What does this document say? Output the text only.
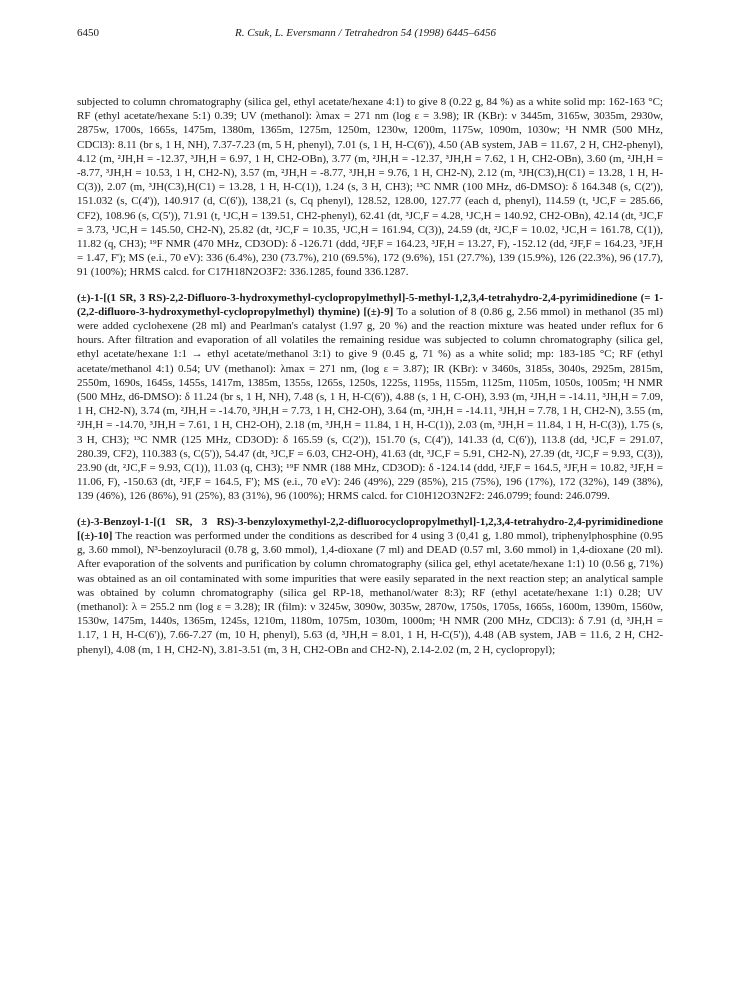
6450	R. Csuk, L. Eversmann / Tetrahedron 54 (1998) 6445–6456

subjected to column chromatography (silica gel, ethyl acetate/hexane 4:1) to give 8 (0.22 g, 84 %) as a white solid mp: 162-163 °C; RF (ethyl acetate/hexane 5:1) 0.39; UV (methanol): λmax = 271 nm (log ε = 3.98); IR (KBr): ν 3445m, 3165w, 3035m, 2930w, 2875w, 1700s, 1665s, 1475m, 1380m, 1365m, 1275m, 1250m, 1230w, 1200m, 1175w, 1090m, 1030w; ¹H NMR (500 MHz, CDCl3): 8.11 (br s, 1 H, NH), 7.37-7.23 (m, 5 H, phenyl), 7.01 (s, 1 H, H-C(6')), 4.50 (AB system, JAB = 11.67, 2 H, CH2-phenyl), 4.12 (m, ²JH,H = -12.37, ³JH,H = 6.97, 1 H, CH2-OBn), 3.77 (m, ²JH,H = -12.37, ³JH,H = 7.62, 1 H, CH2-OBn), 3.60 (m, ²JH,H = -8.77, ³JH,H = 10.53, 1 H, CH2-N), 3.57 (m, ²JH,H = -8.77, ³JH,H = 9.76, 1 H, CH2-N), 2.12 (m, ³JH(C3),H(C1) = 13.28, 1 H, H-C(3)), 2.07 (m, ³JH(C3),H(C1) = 13.28, 1 H, H-C(1)), 1.24 (s, 3 H, CH3); ¹³C NMR (100 MHz, d6-DMSO): δ 164.348 (s, C(2')), 151.032 (s, C(4')), 140.917 (d, C(6')), 138,21 (s, Cq phenyl), 128.52, 128.00, 127.77 (each d, phenyl), 114.59 (t, ¹JC,F = 285.66, CF2), 108.96 (s, C(5')), 71.91 (t, ¹JC,H = 139.51, CH2-phenyl), 62.41 (dt, ³JC,F = 4.28, ¹JC,H = 140.92, CH2-OBn), 42.14 (dt, ³JC,F = 3.73, ¹JC,H = 145.50, CH2-N), 25.82 (dt, ²JC,F = 10.35, ¹JC,H = 161.94, C(3)), 24.59 (dt, ²JC,F = 10.02, ¹JC,H = 161.78, C(1)), 11.82 (q, CH3); ¹⁹F NMR (470 MHz, CD3OD): δ -126.71 (ddd, ²JF,F = 164.23, ³JF,H = 13.27, F), -152.12 (dd, ²JF,F = 164.23, ³JF,H = 1.47, F'); MS (e.i., 70 eV): 336 (6.4%), 230 (73.7%), 210 (69.5%), 172 (9.6%), 151 (27.7%), 139 (15.9%), 126 (22.3%), 96 (17.7), 91 (100%); HRMS calcd. for C17H18N2O3F2: 336.1285, found 336.1287.

(±)-1-[(1 SR, 3 RS)-2,2-Difluoro-3-hydroxymethyl-cyclopropylmethyl]-5-methyl-1,2,3,4-tetrahydro-2,4-pyrimidinedione (= 1-(2,2-difluoro-3-hydroxymethyl-cyclopropylmethyl) thymine) [(±)-9] To a solution of 8 (0.86 g, 2.56 mmol) in methanol (35 ml) were added cyclohexene (28 ml) and Pearlman's catalyst (1.97 g, 20 %) and the reaction mixture was heated under reflux for 6 hours. After filtration and evaporation of all volatiles the remaining residue was subjected to column chromatography (silica gel, ethyl acetate/hexane 1:1 → ethyl acetate/methanol 3:1) to give 9 (0.45 g, 71 %) as a white solid; mp: 183-185 °C; RF (ethyl acetate/methanol 4:1) 0.54; UV (methanol): λmax = 271 nm, (log ε = 3.87); IR (KBr): ν 3460s, 3185s, 3040s, 2925m, 2815m, 2550m, 1690s, 1645s, 1455s, 1417m, 1385m, 1355s, 1265s, 1250s, 1225s, 1195s, 1155m, 1125m, 1105m, 1050s, 1005m; ¹H NMR (500 MHz, d6-DMSO): δ 11.24 (br s, 1 H, NH), 7.48 (s, 1 H, H-C(6')), 4.88 (s, 1 H, C-OH), 3.93 (m, ²JH,H = -14.11, ³JH,H = 7.09, 1 H, CH2-N), 3.74 (m, ²JH,H = -14.70, ³JH,H = 7.73, 1 H, CH2-OH), 3.64 (m, ²JH,H = -14.11, ³JH,H = 7.78, 1 H, CH2-N), 3.55 (m, ²JH,H = -14.70, ³JH,H = 7.61, 1 H, CH2-OH), 2.18 (m, ³JH,H = 11.84, 1 H, H-C(1)), 2.03 (m, ³JH,H = 11.84, 1 H, H-C(3)), 1.75 (s, 3 H, CH3); ¹³C NMR (125 MHz, CD3OD): δ 165.59 (s, C(2')), 151.70 (s, C(4')), 141.33 (d, C(6')), 113.8 (dd, ¹JC,F = 291.07, 280.39, CF2), 110.383 (s, C(5')), 54.47 (dt, ³JC,F = 6.03, CH2-OH), 41.63 (dt, ³JC,F = 5.91, CH2-N), 27.39 (dt, ²JC,F = 9.93, C(3)), 23.90 (dt, ²JC,F = 9.93, C(1)), 11.03 (q, CH3); ¹⁹F NMR (188 MHz, CD3OD): δ -124.14 (ddd, ²JF,F = 164.5, ³JF,H = 10.82, ³JF,H = 11.06, F), -150.63 (dt, ²JF,F = 164.5, F'); MS (e.i., 70 eV): 246 (49%), 229 (85%), 215 (75%), 196 (17%), 172 (32%), 149 (38%), 139 (46%), 126 (86%), 91 (25%), 83 (31%), 96 (100%); HRMS calcd. for C10H12O3N2F2: 246.0799; found: 246.0799.

(±)-3-Benzoyl-1-[(1 SR, 3 RS)-3-benzyloxymethyl-2,2-difluorocyclopropylmethyl]-1,2,3,4-tetrahydro-2,4-pyrimidinedione [(±)-10] The reaction was performed under the conditions as described for 4 using 3 (0,41 g, 1.80 mmol), triphenylphosphine (0.95 g, 3.60 mmol), N³-benzoyluracil (0.78 g, 3.60 mmol), 1,4-dioxane (7 ml) and DEAD (0.57 ml, 3.60 mmol) in 1,4-dioxane (20 ml). After evaporation of the solvents and purification by column chromatography (silica gel, ethyl acetate/hexane 1:1) 10 (0.56 g, 71%) was obtained as an oil contaminated with some impurities that were easily separated in the next reaction step; an analytical sample was obtained by column chromatography (silica gel RP-18, methanol/water 8:3); RF (ethyl acetate/hexane 1:1) 0.28; UV (methanol): λ = 255.2 nm (log ε = 3.28); IR (film): ν 3245w, 3090w, 3035w, 2870w, 1750s, 1705s, 1665s, 1600m, 1390m, 1560w, 1530w, 1475m, 1440s, 1365m, 1245s, 1210m, 1180m, 1075m, 1030m, 1000m; ¹H NMR (200 MHz, CDCl3): δ 7.91 (d, ³JH,H = 1.17, 1 H, H-C(6')), 7.66-7.27 (m, 10 H, phenyl), 5.63 (d, ³JH,H = 8.01, 1 H, H-C(5')), 4.48 (AB system, JAB = 11.6, 2 H, CH2-phenyl), 4.08 (m, 1 H, CH2-N), 3.81-3.51 (m, 3 H, CH2-OBn and CH2-N), 2.14-2.02 (m, 2 H, cyclopropyl);
